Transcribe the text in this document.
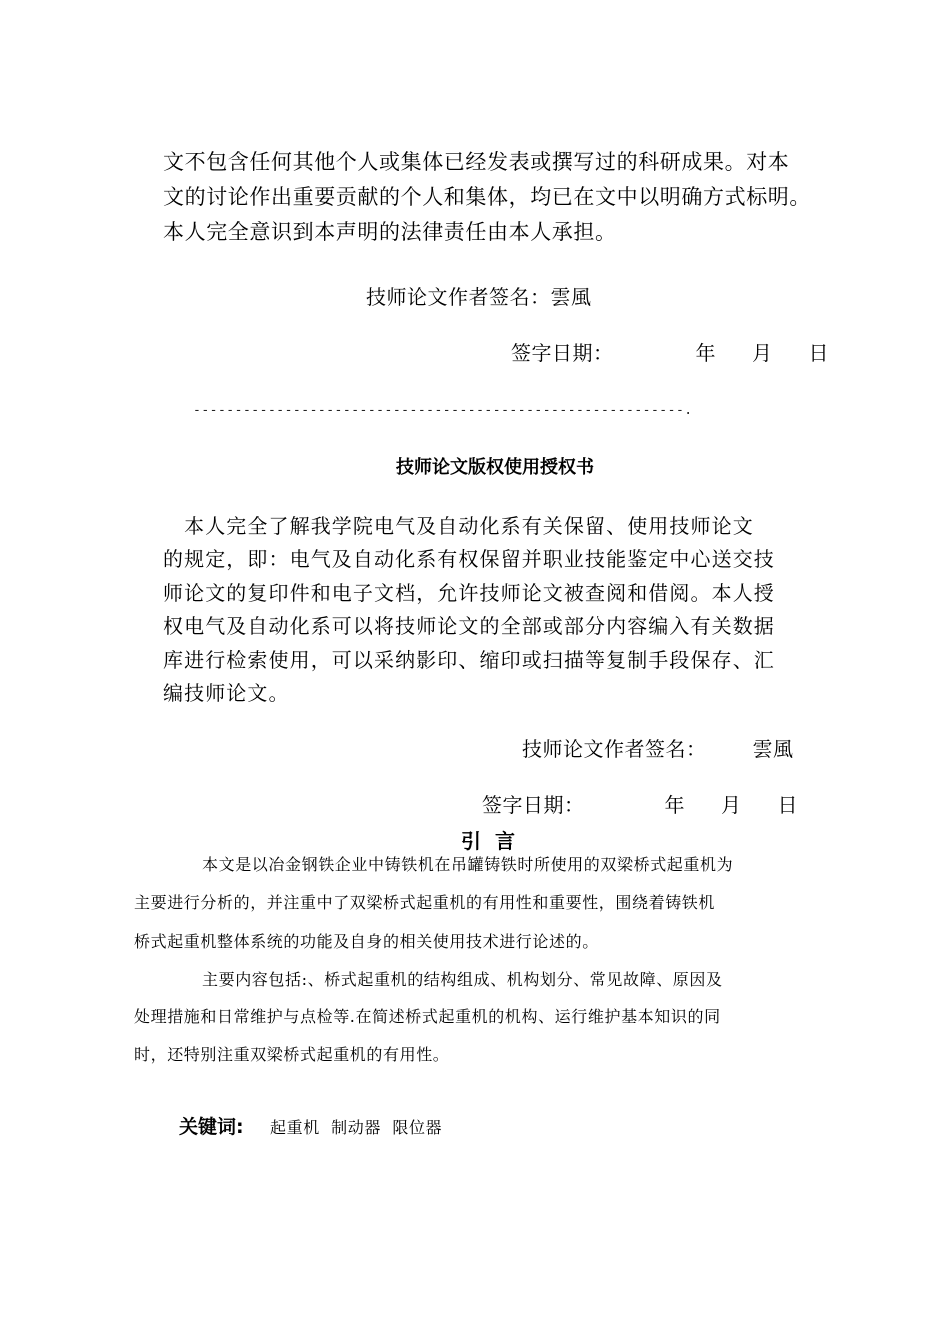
文不包含任何其他个人或集体已经发表或撰写过的科研成果。对本
文的讨论作出重要贡献的个人和集体，均已在文中以明确方式标明。
本人完全意识到本声明的法律责任由本人承担。
技师论文作者签名：雲風
签字日期：	年 月 日
-----------------------------------------------------------.
技师论文版权使用授权书
　本人完全了解我学院电气及自动化系有关保留、使用技师论文
的规定，即：电气及自动化系有权保留并职业技能鉴定中心送交技
师论文的复印件和电子文档，允许技师论文被查阅和借阅。本人授
权电气及自动化系可以将技师论文的全部或部分内容编入有关数据
库进行检索使用，可以采纳影印、缩印或扫描等复制手段保存、汇
编技师论文。
技师论文作者签名： 雲風
签字日期：	年 月 日
引言
本文是以冶金钢铁企业中铸铁机在吊罐铸铁时所使用的双梁桥式起重机为
主要进行分析的，并注重中了双梁桥式起重机的有用性和重要性，围绕着铸铁机
桥式起重机整体系统的功能及自身的相关使用技术进行论述的。
主要内容包括:、桥式起重机的结构组成、机构划分、常见故障、原因及
处理措施和日常维护与点检等.在简述桥式起重机的机构、运行维护基本知识的同
时，还特别注重双梁桥式起重机的有用性。
关键词: 起重机  制动器  限位器
